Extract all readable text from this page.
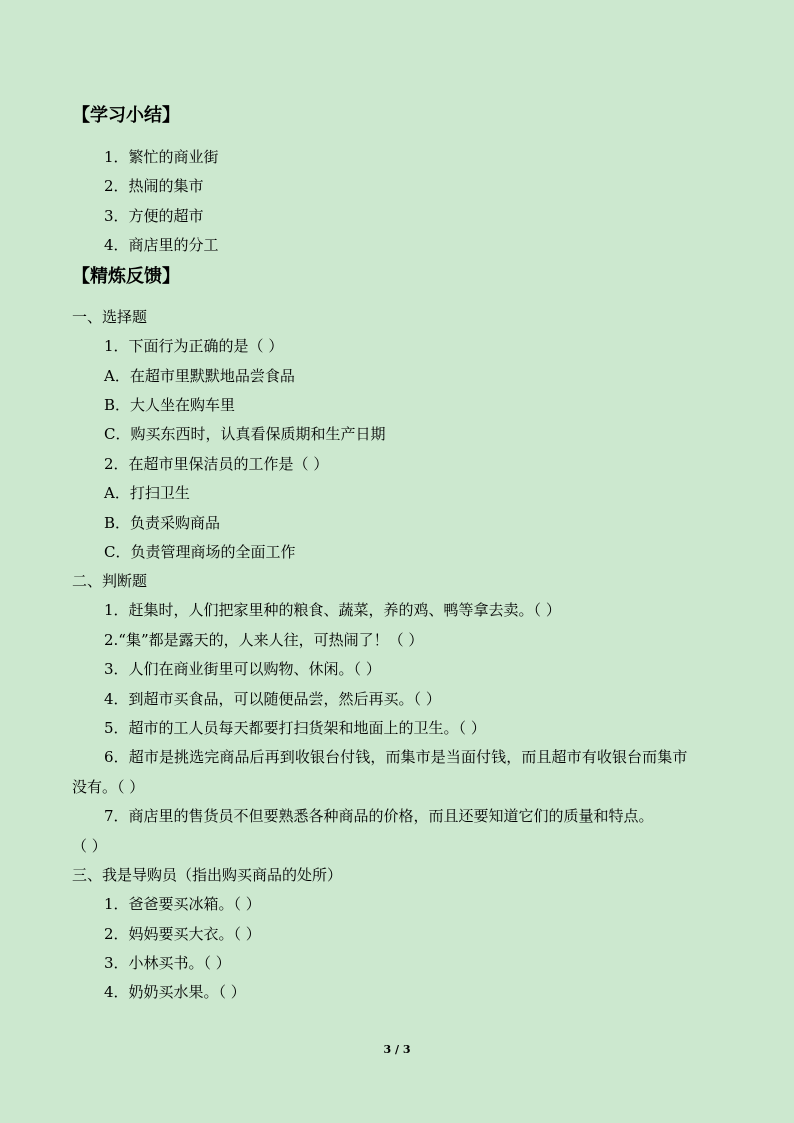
【学习小结】
1．繁忙的商业街
2．热闹的集市
3．方便的超市
4．商店里的分工
【精炼反馈】
一、选择题
1．下面行为正确的是（ ）
A．在超市里默默地品尝食品
B．大人坐在购车里
C．购买东西时，认真看保质期和生产日期
2．在超市里保洁员的工作是（ ）
A．打扫卫生
B．负责采购商品
C．负责管理商场的全面工作
二、判断题
1．赶集时，人们把家里种的粮食、蔬菜，养的鸡、鸭等拿去卖。（ ）
2.“集”都是露天的，人来人往，可热闹了！（ ）
3．人们在商业街里可以购物、休闲。（ ）
4．到超市买食品，可以随便品尝，然后再买。（ ）
5．超市的工人员每天都要打扫货架和地面上的卫生。（ ）
6．超市是挑选完商品后再到收银台付钱，而集市是当面付钱，而且超市有收银台而集市
没有。（ ）
7．商店里的售货员不但要熟悉各种商品的价格，而且还要知道它们的质量和特点。
（ ）
三、我是导购员（指出购买商品的处所）
1．爸爸要买冰箱。（ ）
2．妈妈要买大衣。（ ）
3．小林买书。（ ）
4．奶奶买水果。（ ）
3 / 3
